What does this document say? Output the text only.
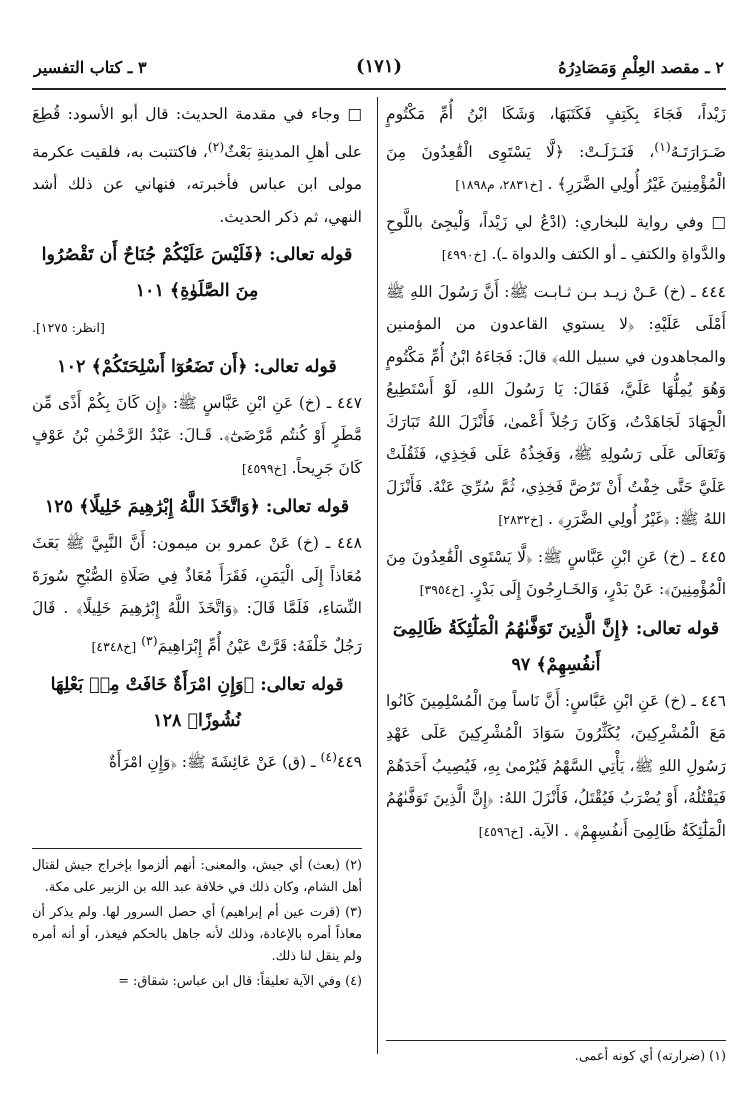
٢ ـ مقصد العِلْمِ وَمَصَادِرُهُ
(١٧١)
٣ ـ كتاب التفسير

زَيْداً، فَجَاءَ بِكَتِفٍ فَكَتَبَهَا، وَشَكَا ابْنُ أُمِّ مَكْتُومٍ ضَـرَارَتَـهُ$^{(١)}$، فَنَـزَلَـتْ: ﴿لَّا يَسْتَوِى الْقَٰعِدُونَ مِنَ الْمُؤْمِنِينَ غَيْرُ أُولِي الضَّرَرِ﴾ . [خ٢٨٣١، م١٨٩٨]

□ وفي رواية للبخاري: (ادْعُ لي زَيْداً، وَلْيجِئ باللَّوحِ والدَّواةِ والكتفِ ـ أو الكتف والدواة ـ). [خ٤٩٩٠]

٤٤٤ ـ (خ) عَـنْ زيـد بـن ثـابـت ﷺ: أَنَّ رَسُولَ اللهِ ﷺ أَمْلَى عَلَيْهِ: ﴿لا يستوي القاعدون من المؤمنين والمجاهدون في سبيل الله﴾ قالَ: فَجَاءَهُ ابْنُ أُمِّ مَكْتُومٍ وَهُوَ يُمِلُّهَا عَلَيَّ، فَقَالَ: يَا رَسُولَ اللهِ، لَوْ أَسْتَطِيعُ الْجِهَادَ لَجَاهَدْتُ، وَكَانَ رَجُلاً أَعْمىٰ، فَأَنْزَلَ اللهُ تَبَارَكَ وَتَعَالَى عَلَى رَسُولِهِ ﷺ، وَفَخِذُهُ عَلَى فَخِذِي، فَثَقُلَتْ عَلَيَّ حَتَّى خِفْتُ أَنْ تَرُضَّ فَخِذِي، ثُمَّ سُرِّيَ عَنْهُ. فَأَنْزَلَ اللهُ ﷺ: ﴿غَيْرُ أُولِي الضَّرَرِ﴾ . [خ٢٨٣٢]

٤٤٥ ـ (خ) عَنِ ابْنِ عَبَّاسٍ ﷺ: ﴿لَّا يَسْتَوِى الْقَٰعِدُونَ مِنَ الْمُؤْمِنِينَ﴾: عَنْ بَدْرٍ، وَالخَـارِجُونَ إِلَى بَدْرٍ. [خ٣٩٥٤]

قوله تعالى: ﴿إِنَّ الَّذِينَ تَوَفَّىٰهُمُ الْمَلَٰٓئِكَةُ ظَالِمِىٓ أَنفُسِهِمْ﴾ ٩٧

٤٤٦ ـ (خ) عَنِ ابْنِ عَبَّاسٍ: أَنَّ نَاساً مِنَ الْمُسْلِمِينَ كَانُوا مَعَ الْمُشْرِكِينَ، يُكَثِّرُونَ سَوَادَ الْمُشْرِكِينَ عَلَى عَهْدِ رَسُولِ اللهِ ﷺ، يَأْتِي السَّهْمُ فَيُرْمىٰ بِهِ، فَيُصِيبُ أَحَدَهُمْ فَيَقْتُلُهُ، أَوْ يُضْرَبُ فَيُقْتَلُ، فَأَنْزَلَ اللهُ: ﴿إِنَّ الَّذِينَ تَوَفَّىٰهُمُ الْمَلَٰٓئِكَةُ ظَالِمِىٓ أَنفُسِهِمْ﴾ . الآية. [خ٤٥٩٦]

□ وجاء في مقدمة الحديث: قال أبو الأسود: قُطِعَ على أهلِ المدينةِ بَعْثٌ$^{(٢)}$، فاكتتبت به، فلقيت عكرمة مولى ابن عباس فأخبرته، فنهاني عن ذلك أشد النهي، ثم ذكر الحديث.

قوله تعالى: ﴿فَلَيْسَ عَلَيْكُمْ جُنَاحٌ أَن تَقْصُرُوا مِنَ الصَّلَوٰةِ﴾ ١٠١

[انظر: ١٢٧٥].

قوله تعالى: ﴿أَن تَضَعُوٓا أَسْلِحَتَكُمْ﴾ ١٠٢

٤٤٧ ـ (خ) عَنِ ابْنِ عَبَّاسٍ ﷺ: ﴿إِن كَانَ بِكُمْ أَذًى مِّن مَّطَرٍ أَوْ كُنتُم مَّرْضَىٰٓ﴾. قَـالَ: عَبْدُ الرَّحْمٰنِ بْنُ عَوْفٍ كَانَ جَرِيحاً. [خ٤٥٩٩]

قوله تعالى: ﴿وَاتَّخَذَ اللَّهُ إِبْرَٰهِيمَ خَلِيلًا﴾ ١٢٥

٤٤٨ ـ (خ) عَنْ عمرو بن ميمون: أَنَّ النَّبِيَّ ﷺ بَعَثَ مُعَاذاً إِلَى الْيَمَنِ، فَقَرَأَ مُعَاذٌ فِي صَلَاةِ الصُّبْحِ سُورَةَ النِّسَاءِ، فَلَمَّا قَالَ: ﴿وَاتَّخَذَ اللَّهُ إِبْرَٰهِيمَ خَلِيلًا﴾ . قَالَ رَجُلٌ خَلْفَهُ: قَرَّتْ عَيْنُ أُمِّ إِبْرَاهِيمَ$^{(٣)}$ [خ٤٣٤٨]

قوله تعالى: ﴿وَإِنِ امْرَأَةٌ خَافَتْ مِنۢ بَعْلِهَا نُشُوزًا﴾ ١٢٨

٤٤٩$^{(٤)}$ ـ (ق) عَنْ عَائِشَةَ ﷺ: ﴿وَإِنِ امْرَأَةٌ

(٢) (بعث) أي جيش، والمعنى: أنهم ألزموا بإخراج جيش لقتال أهل الشام، وكان ذلك في خلافة عبد الله بن الزبير على مكة.

(٣) (قرت عين أم إبراهيم) أي حصل السرور لها. ولم يذكر أن معاذاً أمره بالإعادة، وذلك لأنه جاهل بالحكم فيعذر، أو أنه أمره ولم ينقل لنا ذلك.

(٤) وفي الآية تعليقاً: قال ابن عباس: شقاق: =

(١) (ضرارته) أي كونه أعمى.
